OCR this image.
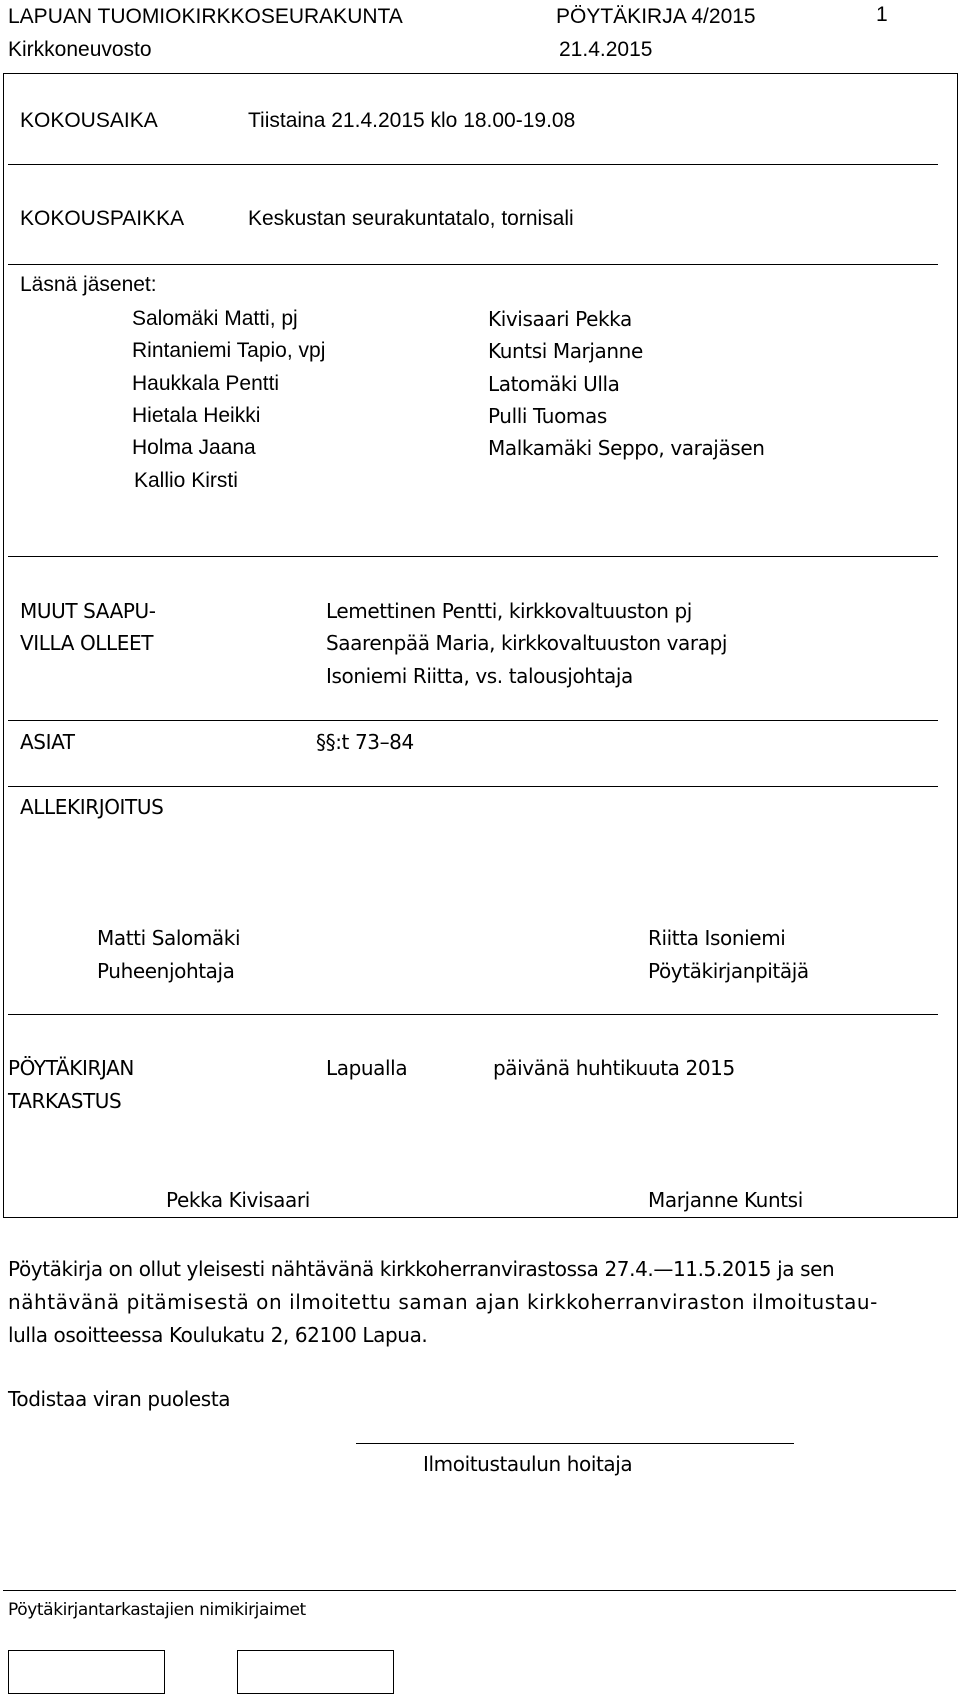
LAPUAN TUOMIOKIRKKOSEURAKUNTA	PÖYTÄKIRJA 4/2015	1
Kirkkoneuvosto	21.4.2015
KOKOUSAIKA	Tiistaina 21.4.2015 klo 18.00-19.08
KOKOUSPAIKKA	Keskustan seurakuntatalo, tornisali
Läsnä jäsenet:
Salomäki Matti, pj
Rintaniemi Tapio, vpj
Haukkala Pentti
Hietala Heikki
Holma Jaana
Kallio Kirsti
Kivisaari Pekka
Kuntsi Marjanne
Latomäki Ulla
Pulli Tuomas
Malkamäki Seppo, varajäsen
MUUT SAAPU-
VILLA OLLEET
Lemettinen Pentti, kirkkovaltuuston pj
Saarenpää Maria, kirkkovaltuuston varapj
Isoniemi Riitta, vs. talousjohtaja
ASIAT	§§:t 73–84
ALLEKIRJOITUS
Matti Salomäki
Puheenjohtaja
Riitta Isoniemi
Pöytäkirjanpitäjä
PÖYTÄKIRJAN
TARKASTUS
Lapualla	päivänä huhtikuuta 2015
Pekka Kivisaari	Marjanne Kuntsi
Pöytäkirja on ollut yleisesti nähtävänä kirkkoherranvirastossa 27.4.—11.5.2015 ja sen
nähtävänä pitämisestä on ilmoitettu saman ajan kirkkoherranviraston ilmoitustau-
lulla osoitteessa Koulukatu 2, 62100 Lapua.
Todistaa viran puolesta
Ilmoitustaulun hoitaja
Pöytäkirjantarkastajien nimikirjaimet
